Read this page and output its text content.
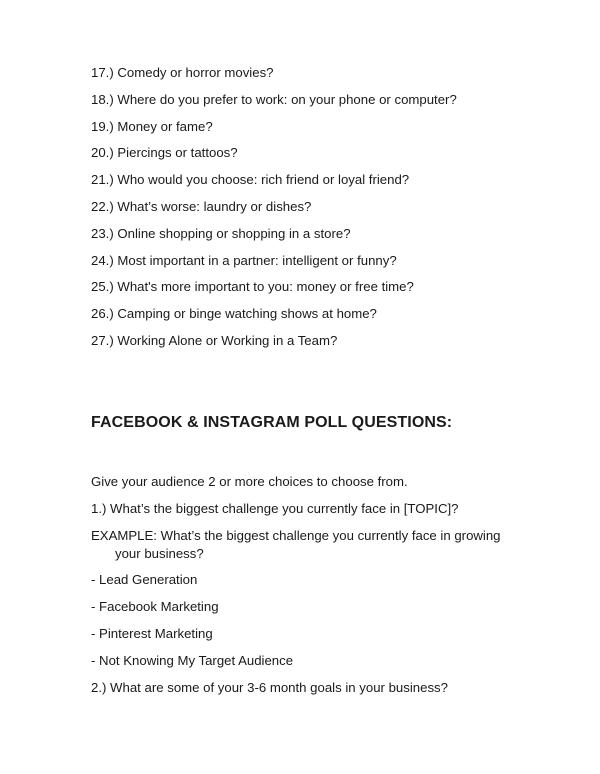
17.) Comedy or horror movies?
18.) Where do you prefer to work: on your phone or computer?
19.) Money or fame?
20.) Piercings or tattoos?
21.) Who would you choose: rich friend or loyal friend?
22.) What’s worse: laundry or dishes?
23.) Online shopping or shopping in a store?
24.) Most important in a partner: intelligent or funny?
25.) What's more important to you: money or free time?
26.) Camping or binge watching shows at home?
27.) Working Alone or Working in a Team?
FACEBOOK & INSTAGRAM POLL QUESTIONS:
Give your audience 2 or more choices to choose from.
1.) What’s the biggest challenge you currently face in [TOPIC]?
EXAMPLE: What’s the biggest challenge you currently face in growing
your business?
- Lead Generation
- Facebook Marketing
- Pinterest Marketing
- Not Knowing My Target Audience
2.) What are some of your 3-6 month goals in your business?
